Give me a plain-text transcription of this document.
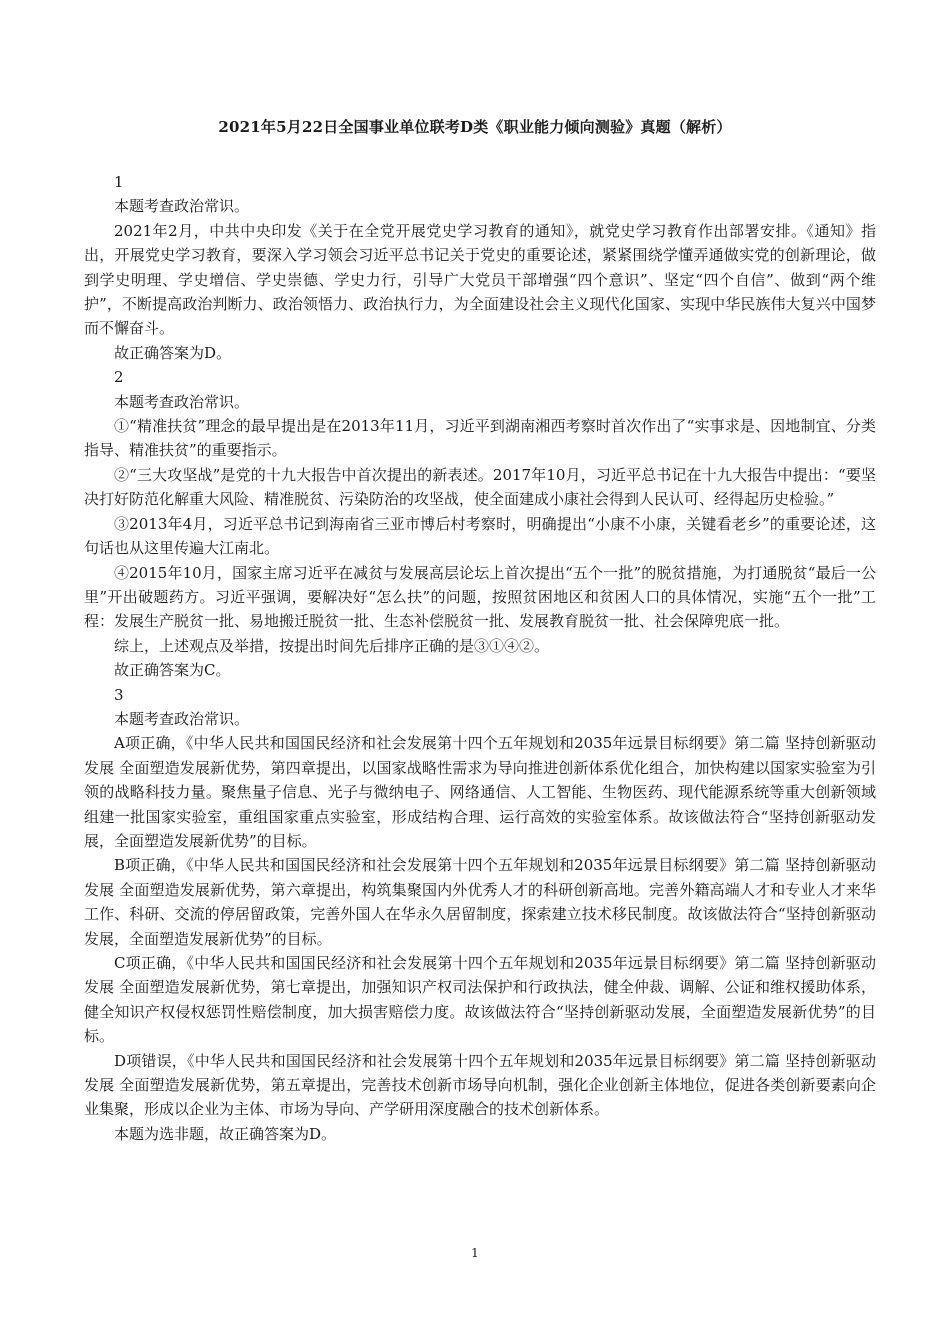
2021年5月22日全国事业单位联考D类《职业能力倾向测验》真题（解析）

1

本题考查政治常识。

2021年2月，中共中央印发《关于在全党开展党史学习教育的通知》，就党史学习教育作出部署安排。《通知》指出，开展党史学习教育，要深入学习领会习近平总书记关于党史的重要论述，紧紧围绕学懂弄通做实党的创新理论，做到学史明理、学史增信、学史崇德、学史力行，引导广大党员干部增强“四个意识”、坚定“四个自信”、做到“两个维护”，不断提高政治判断力、政治领悟力、政治执行力，为全面建设社会主义现代化国家、实现中华民族伟大复兴中国梦而不懈奋斗。

故正确答案为D。

2

本题考查政治常识。

①“精准扶贫”理念的最早提出是在2013年11月，习近平到湖南湘西考察时首次作出了“实事求是、因地制宜、分类指导、精准扶贫”的重要指示。

②“三大攻坚战”是党的十九大报告中首次提出的新表述。2017年10月，习近平总书记在十九大报告中提出：“要坚决打好防范化解重大风险、精准脱贫、污染防治的攻坚战，使全面建成小康社会得到人民认可、经得起历史检验。”

③2013年4月，习近平总书记到海南省三亚市博后村考察时，明确提出“小康不小康，关键看老乡”的重要论述，这句话也从这里传遍大江南北。

④2015年10月，国家主席习近平在减贫与发展高层论坛上首次提出“五个一批”的脱贫措施，为打通脱贫“最后一公里”开出破题药方。习近平强调，要解决好“怎么扶”的问题，按照贫困地区和贫困人口的具体情况，实施“五个一批”工程：发展生产脱贫一批、易地搬迁脱贫一批、生态补偿脱贫一批、发展教育脱贫一批、社会保障兜底一批。

综上，上述观点及举措，按提出时间先后排序正确的是③①④②。

故正确答案为C。

3

本题考查政治常识。

A项正确，《中华人民共和国国民经济和社会发展第十四个五年规划和2035年远景目标纲要》第二篇 坚持创新驱动发展 全面塑造发展新优势，第四章提出，以国家战略性需求为导向推进创新体系优化组合，加快构建以国家实验室为引领的战略科技力量。聚焦量子信息、光子与微纳电子、网络通信、人工智能、生物医药、现代能源系统等重大创新领域组建一批国家实验室，重组国家重点实验室，形成结构合理、运行高效的实验室体系。故该做法符合“坚持创新驱动发展，全面塑造发展新优势”的目标。

B项正确，《中华人民共和国国民经济和社会发展第十四个五年规划和2035年远景目标纲要》第二篇 坚持创新驱动发展 全面塑造发展新优势，第六章提出，构筑集聚国内外优秀人才的科研创新高地。完善外籍高端人才和专业人才来华工作、科研、交流的停居留政策，完善外国人在华永久居留制度，探索建立技术移民制度。故该做法符合“坚持创新驱动发展，全面塑造发展新优势”的目标。

C项正确，《中华人民共和国国民经济和社会发展第十四个五年规划和2035年远景目标纲要》第二篇 坚持创新驱动发展 全面塑造发展新优势，第七章提出，加强知识产权司法保护和行政执法，健全仲裁、调解、公证和维权援助体系，健全知识产权侵权惩罚性赔偿制度，加大损害赔偿力度。故该做法符合“坚持创新驱动发展，全面塑造发展新优势”的目标。

D项错误，《中华人民共和国国民经济和社会发展第十四个五年规划和2035年远景目标纲要》第二篇 坚持创新驱动发展 全面塑造发展新优势，第五章提出，完善技术创新市场导向机制，强化企业创新主体地位，促进各类创新要素向企业集聚，形成以企业为主体、市场为导向、产学研用深度融合的技术创新体系。

本题为选非题，故正确答案为D。

1
